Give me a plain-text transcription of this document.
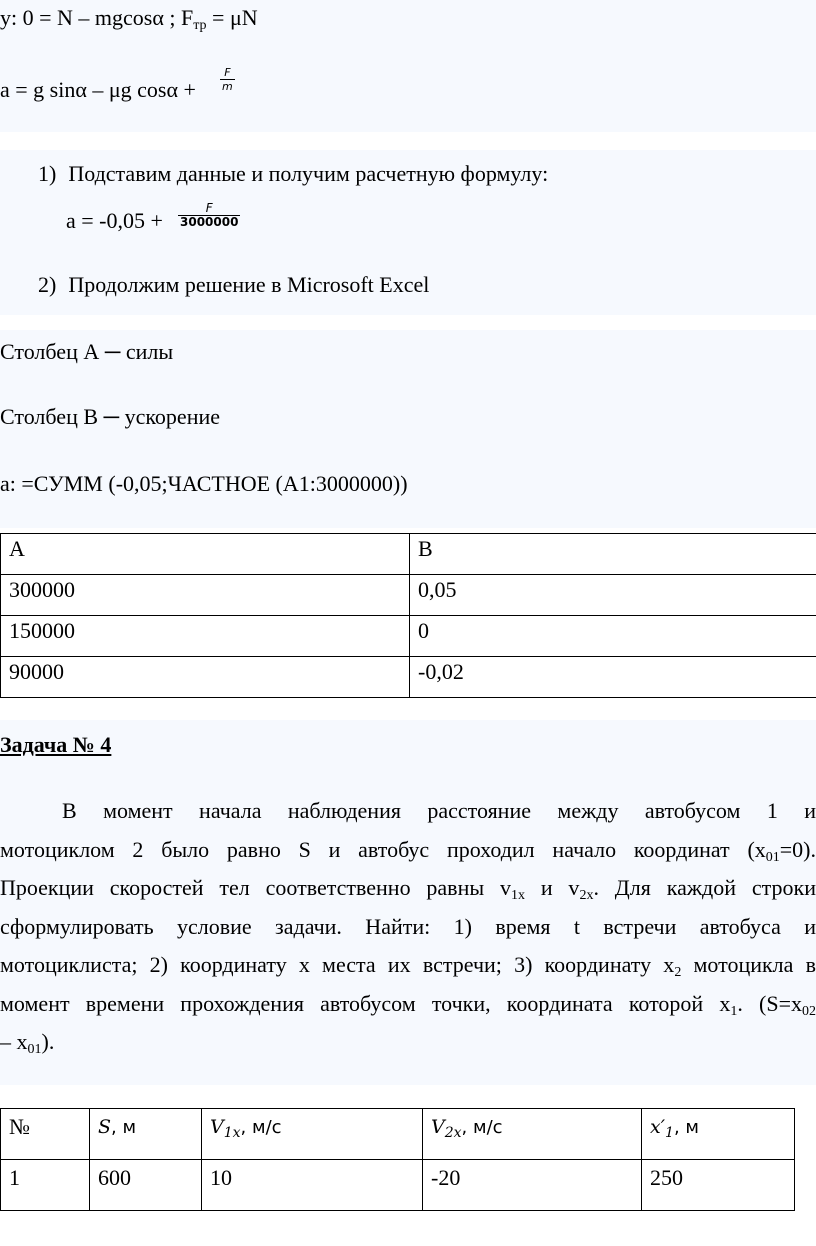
y: 0 = N – mgcosα ; $F_{тр} = \mu N$
a = g sinα – μg $\cos\alpha + \frac{F}{m}$
1) Подставим данные и получим расчетную формулу:
$a = -0,05 + \frac{F}{3000000}$
2) Продолжим решение в Microsoft Excel
Столбец А ─ силы
Столбец В ─ ускорение
а: =СУММ (-0,05;ЧАСТНОЕ (А1:3000000))
A	B
300000	0,05
150000	0
90000	-0,02
Задача № 4
В момент начала наблюдения расстояние между автобусом 1 и
мотоциклом 2 было равно S и автобус проходил начало координат $(x_{01}=0)$.
Проекции скоростей тел соответственно равны $v_{1x}$ и $v_{2x}$. Для каждой строки
сформулировать условие задачи. Найти: 1) время t встречи автобуса и
мотоциклиста; 2) координату x места их встречи; 3) координату $x_2$ мотоцикла в
момент времени прохождения автобусом точки, координата которой $x_1$. ($S=x_{02}$
– $x_{01}$).
№	S, м	$V_{1x}$, м/с	$V_{2x}$, м/с	$x'_1$, м
1	600	10	-20	250
